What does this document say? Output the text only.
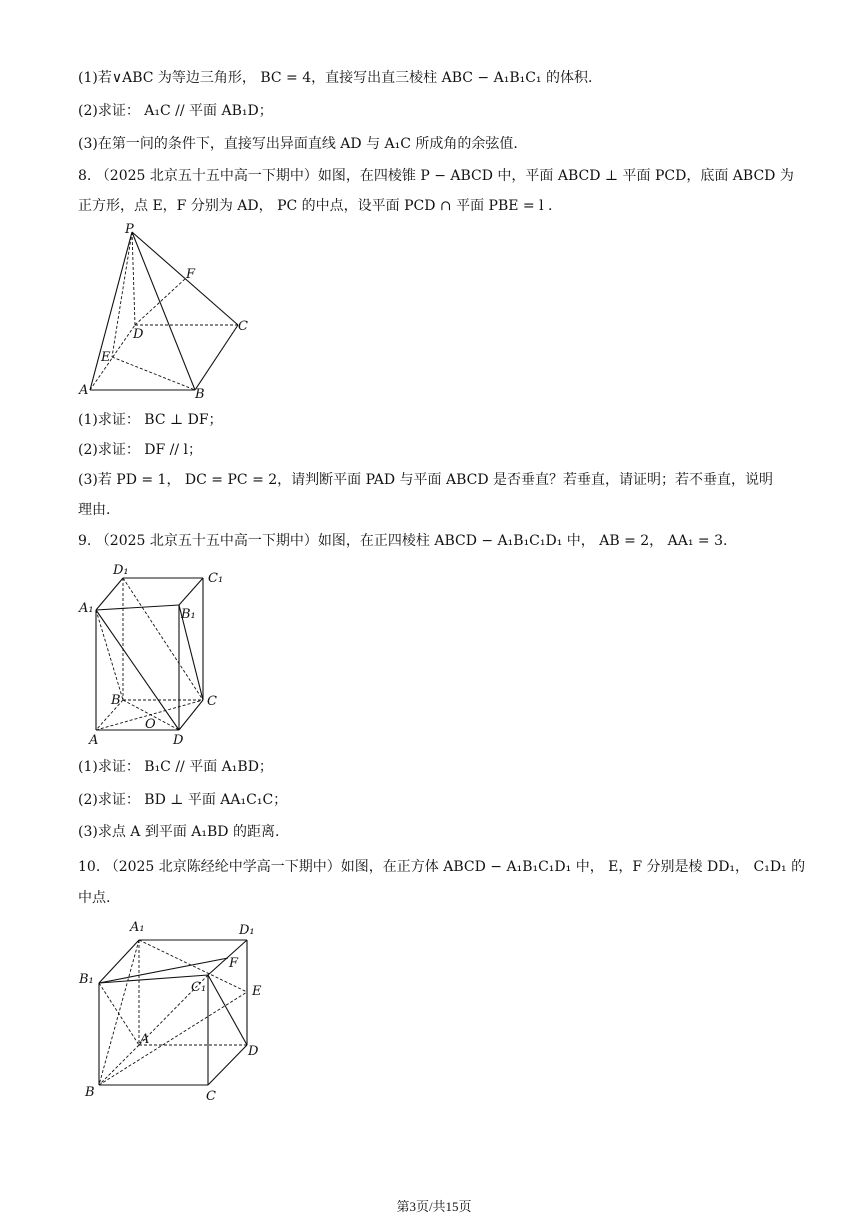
(1)若∨ABC 为等边三角形， BC = 4，直接写出直三棱柱 ABC − A₁B₁C₁ 的体积.
(2)求证： A₁C // 平面 AB₁D；
(3)在第一问的条件下，直接写出异面直线 AD 与 A₁C 所成角的余弦值.
8. （2025 北京五十五中高一下期中）如图，在四棱锥 P − ABCD 中，平面 ABCD ⊥ 平面 PCD，底面 ABCD 为
正方形，点 E，F 分别为 AD， PC 的中点，设平面 PCD ∩ 平面 PBE = l .
P
F
D
C
E
A	B
(1)求证： BC ⊥ DF；
(2)求证： DF // l；
(3)若 PD = 1， DC = PC = 2，请判断平面 PAD 与平面 ABCD 是否垂直？若垂直，请证明；若不垂直，说明
理由.
9. （2025 北京五十五中高一下期中）如图，在正四棱柱 ABCD − A₁B₁C₁D₁ 中， AB = 2， AA₁ = 3.
D₁
C₁
A₁	B₁
B	C
O
A	D
(1)求证： B₁C // 平面 A₁BD；
(2)求证： BD ⊥ 平面 AA₁C₁C；
(3)求点 A 到平面 A₁BD 的距离.
10. （2025 北京陈经纶中学高一下期中）如图，在正方体 ABCD − A₁B₁C₁D₁ 中， E，F 分别是棱 DD₁， C₁D₁ 的
中点.
A₁	D₁
F
B₁
C₁	E
A
D
B	C
第3页/共15页
